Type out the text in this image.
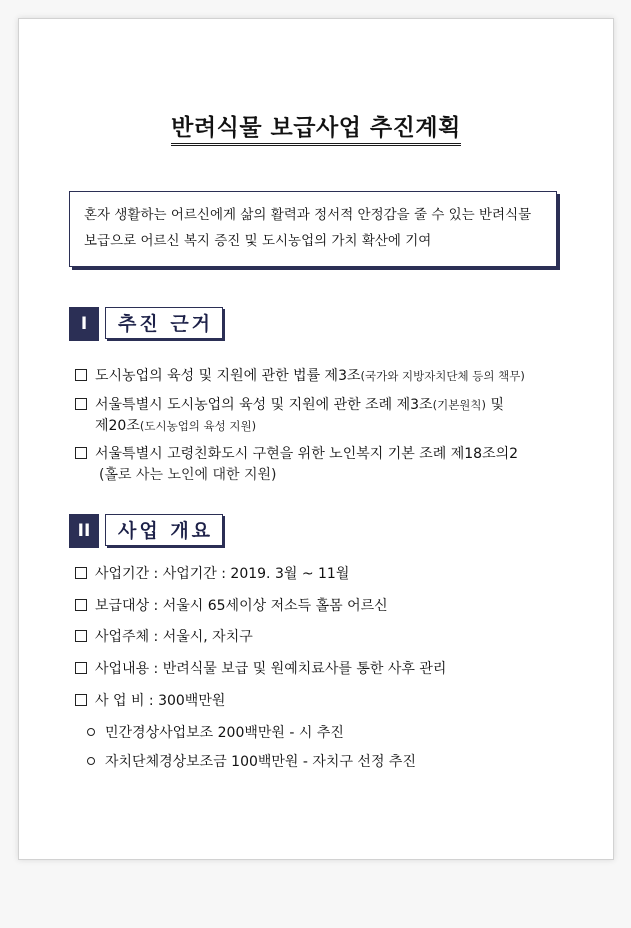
반려식물 보급사업 추진계획
혼자 생활하는 어르신에게 삶의 활력과 정서적 안정감을 줄 수 있는 반려식물
보급으로 어르신 복지 증진 및 도시농업의 가치 확산에 기여
I	추진 근거
도시농업의 육성 및 지원에 관한 법률 제3조(국가와 지방자치단체 등의 책무)
서울특별시 도시농업의 육성 및 지원에 관한 조례 제3조(기본원칙) 및
제20조(도시농업의 육성 지원)
서울특별시 고령친화도시 구현을 위한 노인복지 기본 조례 제18조의2
(홀로 사는 노인에 대한 지원)
II	사업 개요
사업기간 : 사업기간 : 2019. 3월 ~ 11월
보급대상 : 서울시 65세이상 저소득 홀몸 어르신
사업주체 : 서울시, 자치구
사업내용 : 반려식물 보급 및 원예치료사를 통한 사후 관리
사 업 비 : 300백만원
민간경상사업보조 200백만원 - 시 추진
자치단체경상보조금 100백만원 - 자치구 선정 추진
